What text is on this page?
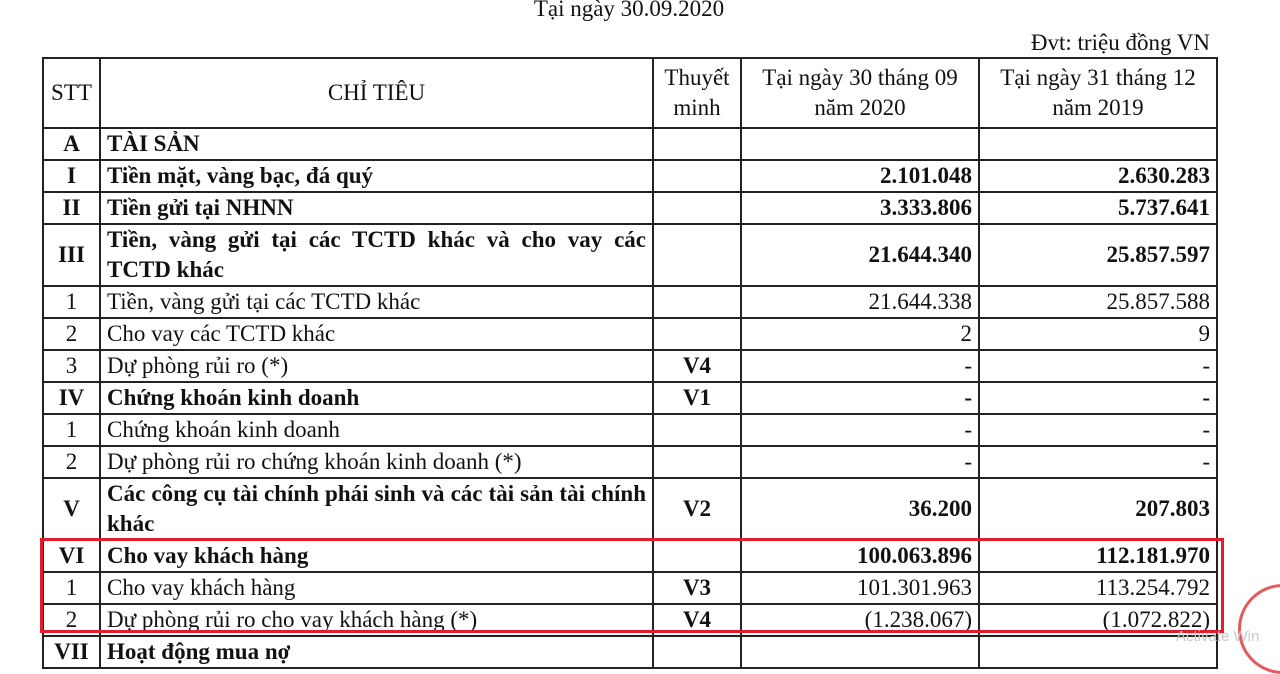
Tại ngày 30.09.2020
Đvt: triệu đồng VN
STT	CHỈ TIÊU	Thuyết minh	Tại ngày 30 tháng 09 năm 2020	Tại ngày 31 tháng 12 năm 2019
A	TÀI SẢN			
I	Tiền mặt, vàng bạc, đá quý		2.101.048	2.630.283
II	Tiền gửi tại NHNN		3.333.806	5.737.641
III	Tiền, vàng gửi tại các TCTD khác và cho vay các TCTD khác		21.644.340	25.857.597
1	Tiền, vàng gửi tại các TCTD khác		21.644.338	25.857.588
2	Cho vay các TCTD khác		2	9
3	Dự phòng rủi ro (*)	V4	-	-
IV	Chứng khoán kinh doanh	V1	-	-
1	Chứng khoán kinh doanh		-	-
2	Dự phòng rủi ro chứng khoán kinh doanh (*)		-	-
V	Các công cụ tài chính phái sinh và các tài sản tài chính khác	V2	36.200	207.803
VI	Cho vay khách hàng		100.063.896	112.181.970
1	Cho vay khách hàng	V3	101.301.963	113.254.792
2	Dự phòng rủi ro cho vay khách hàng (*)	V4	(1.238.067)	(1.072.822)
VII	Hoạt động mua nợ			
Activate Win
